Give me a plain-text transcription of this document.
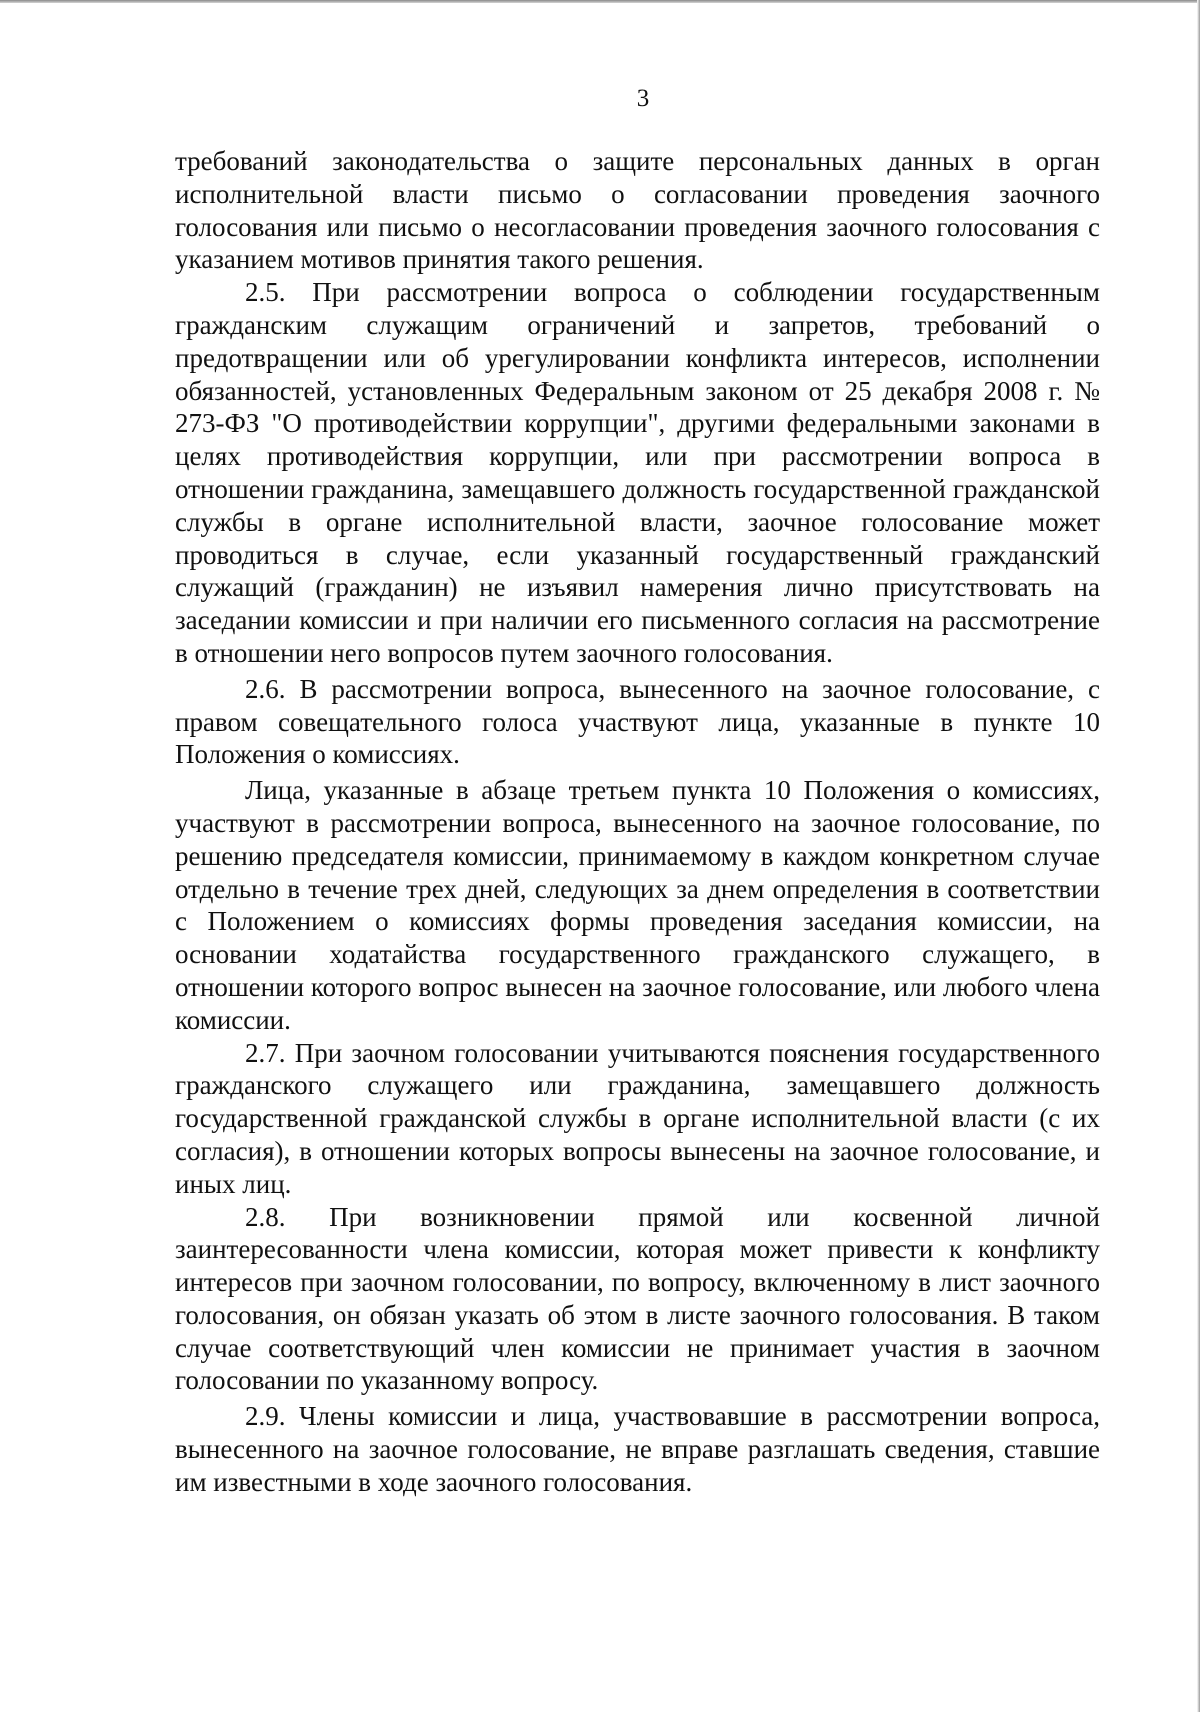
3

требований законодательства о защите персональных данных в орган исполнительной власти письмо о согласовании проведения заочного голосования или письмо о несогласовании проведения заочного голосования с указанием мотивов принятия такого решения.

2.5. При рассмотрении вопроса о соблюдении государственным гражданским служащим ограничений и запретов, требований о предотвращении или об урегулировании конфликта интересов, исполнении обязанностей, установленных Федеральным законом от 25 декабря 2008 г. № 273-ФЗ "О противодействии коррупции", другими федеральными законами в целях противодействия коррупции, или при рассмотрении вопроса в отношении гражданина, замещавшего должность государственной гражданской службы в органе исполнительной власти, заочное голосование может проводиться в случае, если указанный государственный гражданский служащий (гражданин) не изъявил намерения лично присутствовать на заседании комиссии и при наличии его письменного согласия на рассмотрение в отношении него вопросов путем заочного голосования.

2.6. В рассмотрении вопроса, вынесенного на заочное голосование, с правом совещательного голоса участвуют лица, указанные в пункте 10 Положения о комиссиях.

Лица, указанные в абзаце третьем пункта 10 Положения о комиссиях, участвуют в рассмотрении вопроса, вынесенного на заочное голосование, по решению председателя комиссии, принимаемому в каждом конкретном случае отдельно в течение трех дней, следующих за днем определения в соответствии с Положением о комиссиях формы проведения заседания комиссии, на основании ходатайства государственного гражданского служащего, в отношении которого вопрос вынесен на заочное голосование, или любого члена комиссии.

2.7. При заочном голосовании учитываются пояснения государственного гражданского служащего или гражданина, замещавшего должность государственной гражданской службы в органе исполнительной власти (с их согласия), в отношении которых вопросы вынесены на заочное голосование, и иных лиц.

2.8. При возникновении прямой или косвенной личной заинтересованности члена комиссии, которая может привести к конфликту интересов при заочном голосовании, по вопросу, включенному в лист заочного голосования, он обязан указать об этом в листе заочного голосования. В таком случае соответствующий член комиссии не принимает участия в заочном голосовании по указанному вопросу.

2.9. Члены комиссии и лица, участвовавшие в рассмотрении вопроса, вынесенного на заочное голосование, не вправе разглашать сведения, ставшие им известными в ходе заочного голосования.
